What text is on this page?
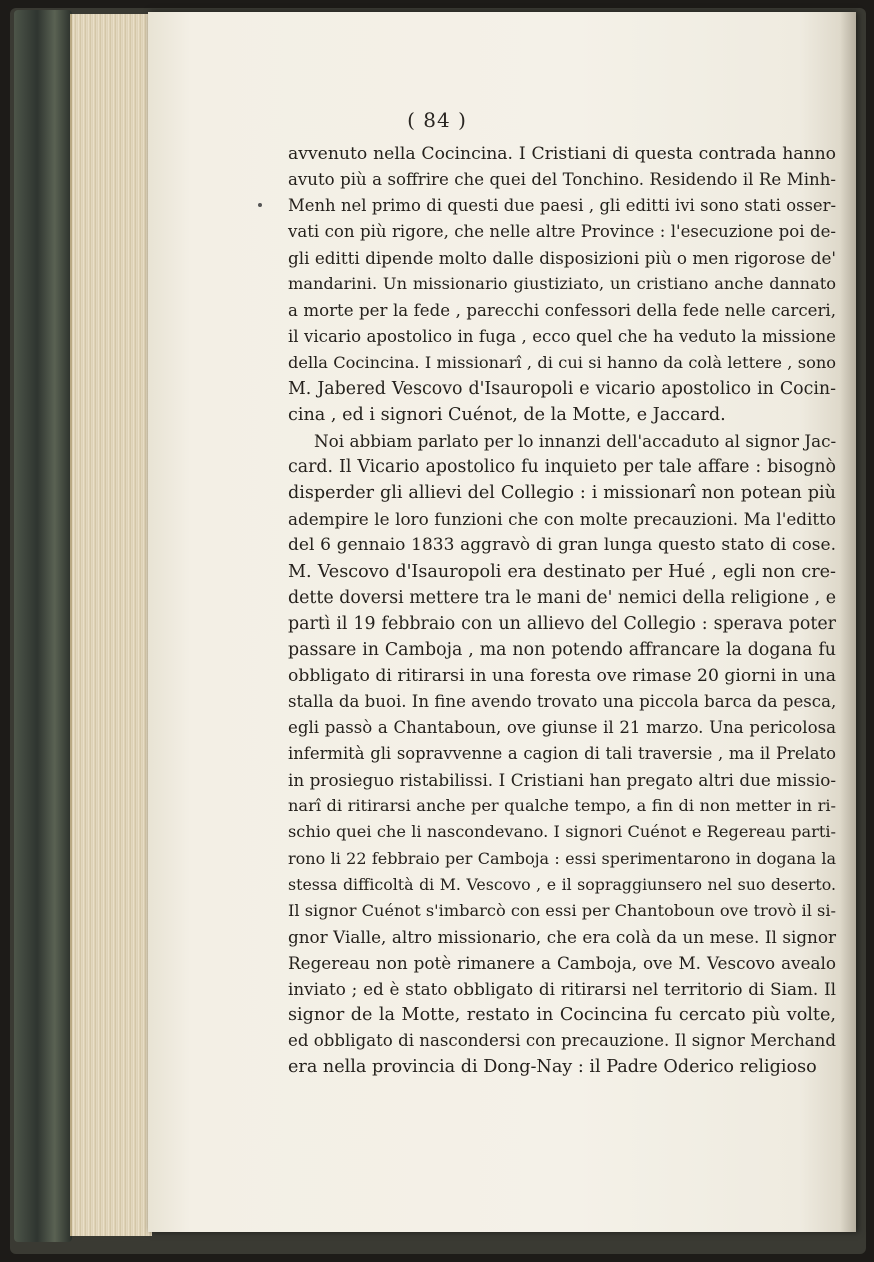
( 84 )
avvenuto nella Cocincina. I Cristiani di questa contrada hanno
avuto più a soffrire che quei del Tonchino. Residendo il Re Minh-
Menh nel primo di questi due paesi , gli editti ivi sono stati osser-
vati con più rigore, che nelle altre Province : l'esecuzione poi de-
gli editti dipende molto dalle disposizioni più o men rigorose de'
mandarini. Un missionario giustiziato, un cristiano anche dannato
a morte per la fede , parecchi confessori della fede nelle carceri,
il vicario apostolico in fuga , ecco quel che ha veduto la missione
della Cocincina. I missionarî , di cui si hanno da colà lettere , sono
M. Jabered Vescovo d'Isauropoli e vicario apostolico in Cocin-
cina , ed i signori Cuénot, de la Motte, e Jaccard.
Noi abbiam parlato per lo innanzi dell'accaduto al signor Jac-
card. Il Vicario apostolico fu inquieto per tale affare : bisognò
disperder gli allievi del Collegio : i missionarî non potean più
adempire le loro funzioni che con molte precauzioni. Ma l'editto
del 6 gennaio 1833 aggravò di gran lunga questo stato di cose.
M. Vescovo d'Isauropoli era destinato per Hué , egli non cre-
dette doversi mettere tra le mani de' nemici della religione , e
partì il 19 febbraio con un allievo del Collegio : sperava poter
passare in Camboja , ma non potendo affrancare la dogana fu
obbligato di ritirarsi in una foresta ove rimase 20 giorni in una
stalla da buoi. In fine avendo trovato una piccola barca da pesca,
egli passò a Chantaboun, ove giunse il 21 marzo. Una pericolosa
infermità gli sopravvenne a cagion di tali traversie , ma il Prelato
in prosieguo ristabilissi. I Cristiani han pregato altri due missio-
narî di ritirarsi anche per qualche tempo, a fin di non metter in ri-
schio quei che li nascondevano. I signori Cuénot e Regereau parti-
rono li 22 febbraio per Camboja : essi sperimentarono in dogana la
stessa difficoltà di M. Vescovo , e il sopraggiunsero nel suo deserto.
Il signor Cuénot s'imbarcò con essi per Chantoboun ove trovò il si-
gnor Vialle, altro missionario, che era colà da un mese. Il signor
Regereau non potè rimanere a Camboja, ove M. Vescovo avealo
inviato ; ed è stato obbligato di ritirarsi nel territorio di Siam. Il
signor de la Motte, restato in Cocincina fu cercato più volte,
ed obbligato di nascondersi con precauzione. Il signor Merchand
era nella provincia di Dong-Nay : il Padre Oderico religioso
